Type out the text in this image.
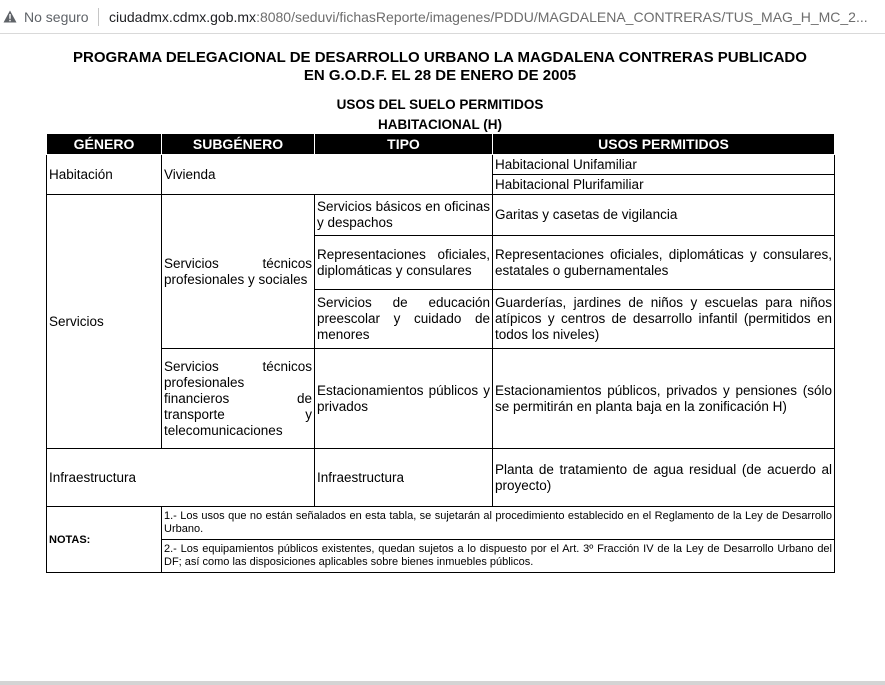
No seguro ciudadmx.cdmx.gob.mx:8080/seduvi/fichasReporte/imagenes/PDDU/MAGDALENA_CONTRERAS/TUS_MAG_H_MC_2...
PROGRAMA DELEGACIONAL DE DESARROLLO URBANO LA MAGDALENA CONTRERAS PUBLICADO
EN G.O.D.F. EL 28 DE ENERO DE 2005
USOS DEL SUELO PERMITIDOS
HABITACIONAL (H)
GÉNERO	SUBGÉNERO	TIPO	USOS PERMITIDOS
Habitación	Vivienda		Habitacional Unifamiliar
			Habitacional Plurifamiliar
Servicios	Servicios técnicos profesionales y sociales	Servicios básicos en oficinas y despachos	Garitas y casetas de vigilancia
		Representaciones oficiales, diplomáticas y consulares	Representaciones oficiales, diplomáticas y consulares, estatales o gubernamentales
		Servicios de educación preescolar y cuidado de menores	Guarderías, jardines de niños y escuelas para niños atípicos y centros de desarrollo infantil (permitidos en todos los niveles)
	Servicios técnicos profesionales financieros de transporte y telecomunicaciones	Estacionamientos públicos y privados	Estacionamientos públicos, privados y pensiones (sólo se permitirán en planta baja en la zonificación H)
Infraestructura		Infraestructura	Planta de tratamiento de agua residual (de acuerdo al proyecto)
NOTAS:	1.- Los usos que no están señalados en esta tabla, se sujetarán al procedimiento establecido en el Reglamento de la Ley de Desarrollo Urbano.		
	2.- Los equipamientos públicos existentes, quedan sujetos a lo dispuesto por el Art. 3º Fracción IV de la Ley de Desarrollo Urbano del DF; así como las disposiciones aplicables sobre bienes inmuebles públicos.		
